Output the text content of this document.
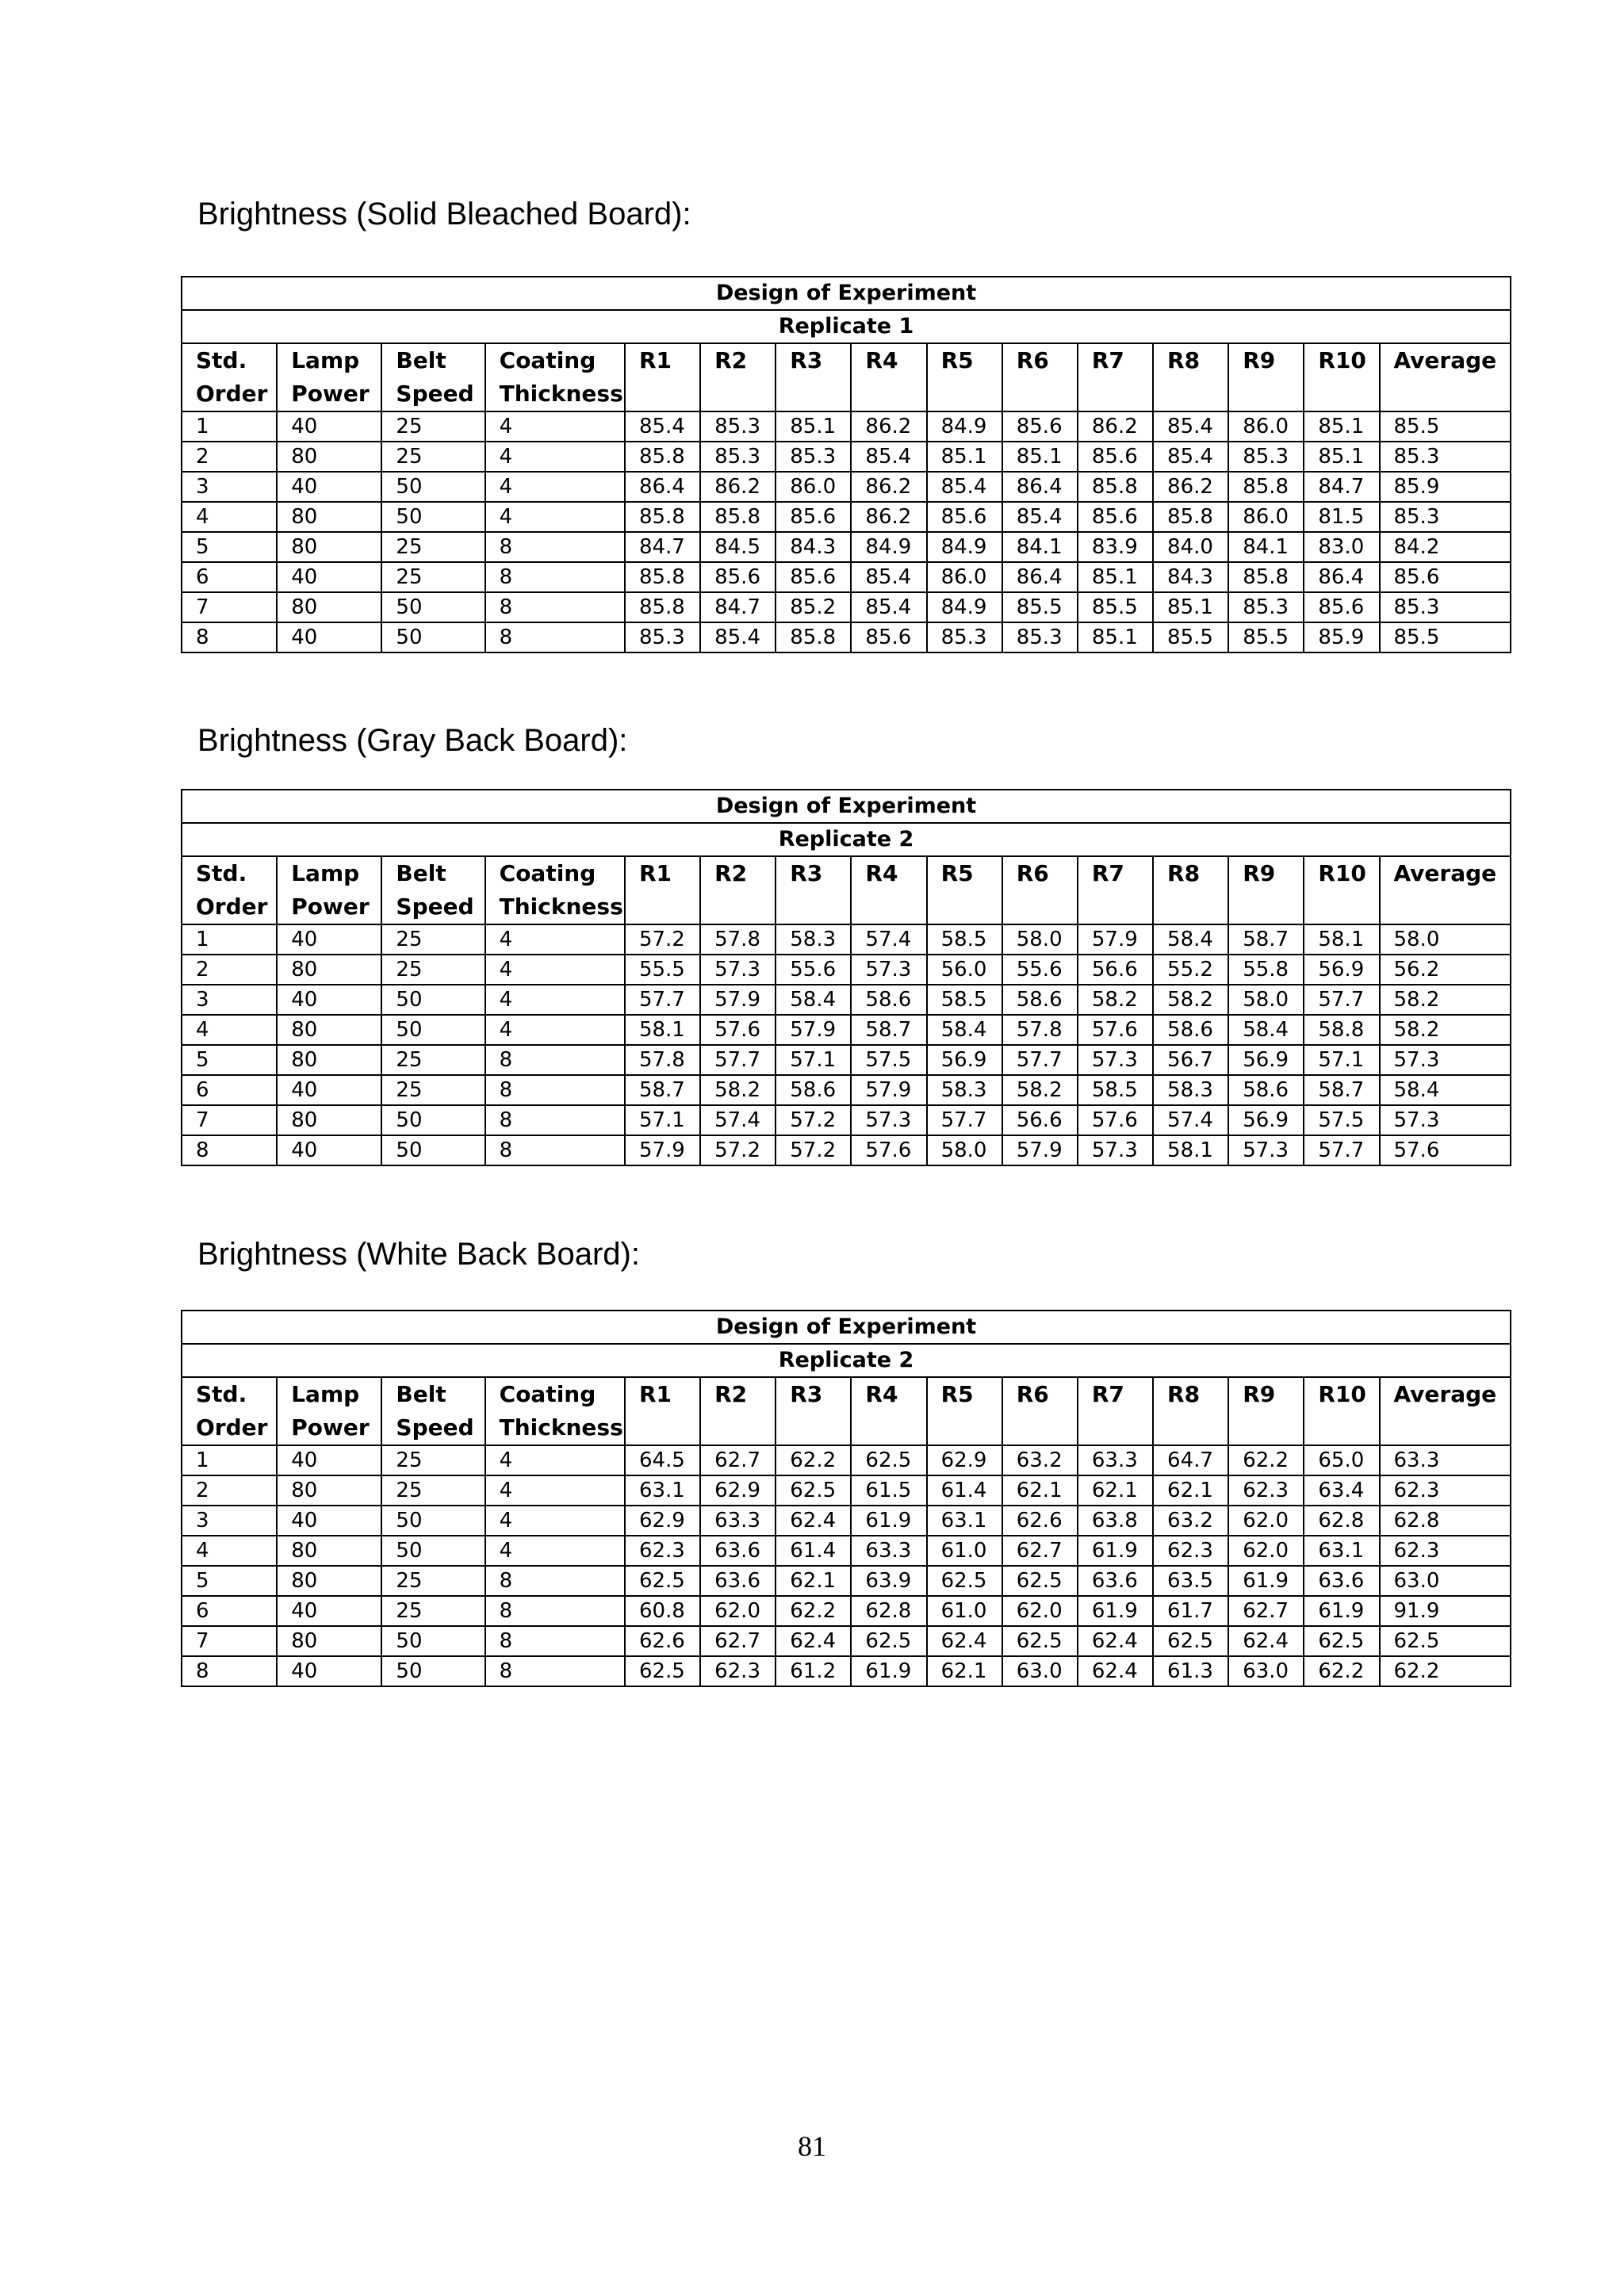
Brightness (Solid Bleached Board):
Design of Experiment														
Replicate 1														
Std. Order	Lamp Power	Belt Speed	Coating Thickness	R1	R2	R3	R4	R5	R6	R7	R8	R9	R10	Average
1	40	25	4	85.4	85.3	85.1	86.2	84.9	85.6	86.2	85.4	86.0	85.1	85.5
2	80	25	4	85.8	85.3	85.3	85.4	85.1	85.1	85.6	85.4	85.3	85.1	85.3
3	40	50	4	86.4	86.2	86.0	86.2	85.4	86.4	85.8	86.2	85.8	84.7	85.9
4	80	50	4	85.8	85.8	85.6	86.2	85.6	85.4	85.6	85.8	86.0	81.5	85.3
5	80	25	8	84.7	84.5	84.3	84.9	84.9	84.1	83.9	84.0	84.1	83.0	84.2
6	40	25	8	85.8	85.6	85.6	85.4	86.0	86.4	85.1	84.3	85.8	86.4	85.6
7	80	50	8	85.8	84.7	85.2	85.4	84.9	85.5	85.5	85.1	85.3	85.6	85.3
8	40	50	8	85.3	85.4	85.8	85.6	85.3	85.3	85.1	85.5	85.5	85.9	85.5
Brightness (Gray Back Board):
Design of Experiment														
Replicate 2														
Std. Order	Lamp Power	Belt Speed	Coating Thickness	R1	R2	R3	R4	R5	R6	R7	R8	R9	R10	Average
1	40	25	4	57.2	57.8	58.3	57.4	58.5	58.0	57.9	58.4	58.7	58.1	58.0
2	80	25	4	55.5	57.3	55.6	57.3	56.0	55.6	56.6	55.2	55.8	56.9	56.2
3	40	50	4	57.7	57.9	58.4	58.6	58.5	58.6	58.2	58.2	58.0	57.7	58.2
4	80	50	4	58.1	57.6	57.9	58.7	58.4	57.8	57.6	58.6	58.4	58.8	58.2
5	80	25	8	57.8	57.7	57.1	57.5	56.9	57.7	57.3	56.7	56.9	57.1	57.3
6	40	25	8	58.7	58.2	58.6	57.9	58.3	58.2	58.5	58.3	58.6	58.7	58.4
7	80	50	8	57.1	57.4	57.2	57.3	57.7	56.6	57.6	57.4	56.9	57.5	57.3
8	40	50	8	57.9	57.2	57.2	57.6	58.0	57.9	57.3	58.1	57.3	57.7	57.6
Brightness (White Back Board):
Design of Experiment														
Replicate 2														
Std. Order	Lamp Power	Belt Speed	Coating Thickness	R1	R2	R3	R4	R5	R6	R7	R8	R9	R10	Average
1	40	25	4	64.5	62.7	62.2	62.5	62.9	63.2	63.3	64.7	62.2	65.0	63.3
2	80	25	4	63.1	62.9	62.5	61.5	61.4	62.1	62.1	62.1	62.3	63.4	62.3
3	40	50	4	62.9	63.3	62.4	61.9	63.1	62.6	63.8	63.2	62.0	62.8	62.8
4	80	50	4	62.3	63.6	61.4	63.3	61.0	62.7	61.9	62.3	62.0	63.1	62.3
5	80	25	8	62.5	63.6	62.1	63.9	62.5	62.5	63.6	63.5	61.9	63.6	63.0
6	40	25	8	60.8	62.0	62.2	62.8	61.0	62.0	61.9	61.7	62.7	61.9	91.9
7	80	50	8	62.6	62.7	62.4	62.5	62.4	62.5	62.4	62.5	62.4	62.5	62.5
8	40	50	8	62.5	62.3	61.2	61.9	62.1	63.0	62.4	61.3	63.0	62.2	62.2
81
